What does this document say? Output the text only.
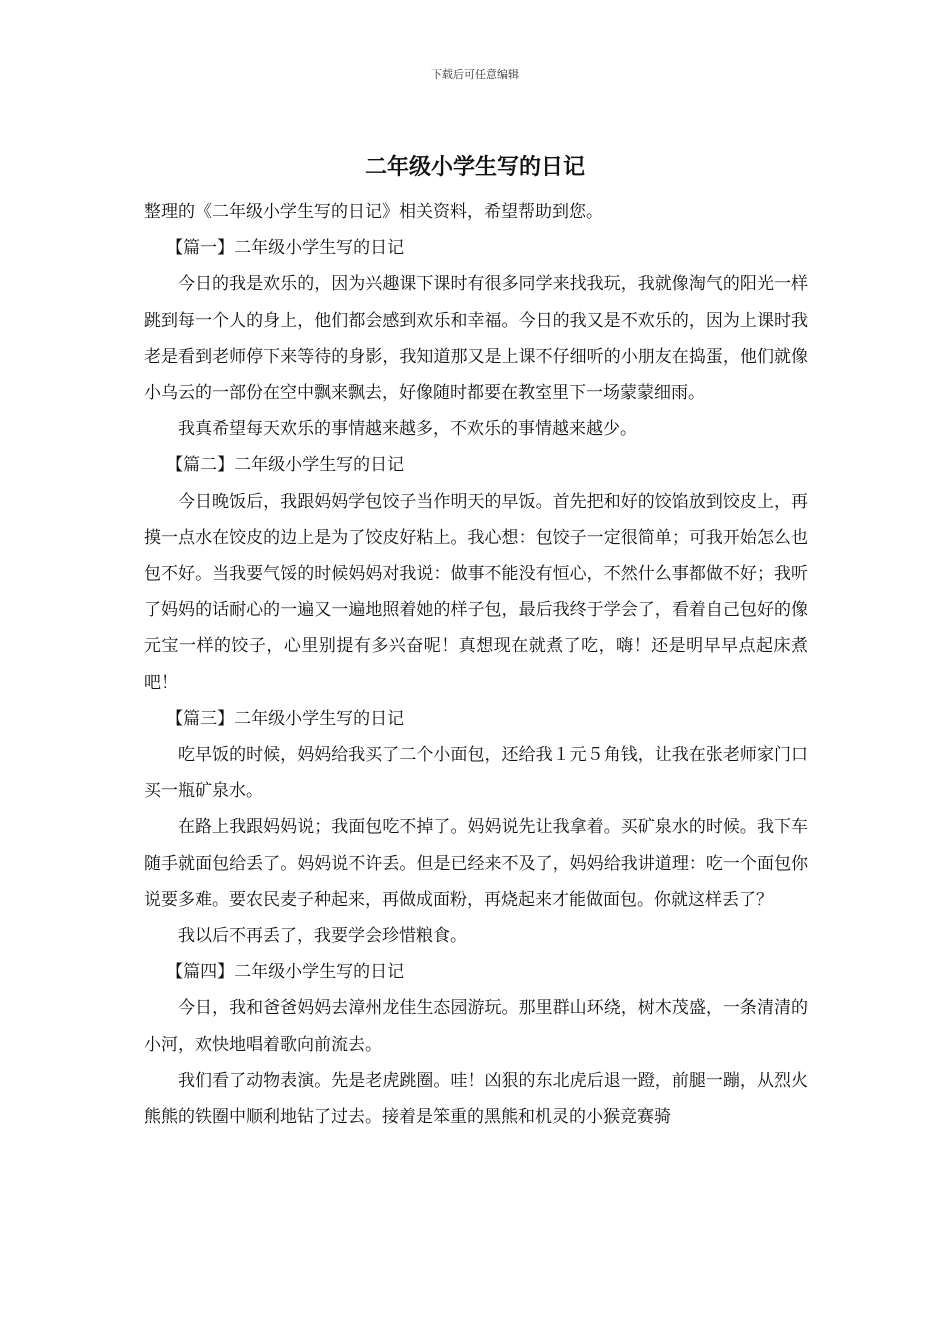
下载后可任意编辑
二年级小学生写的日记

整理的《二年级小学生写的日记》相关资料，希望帮助到您。

【篇一】二年级小学生写的日记

今日的我是欢乐的，因为兴趣课下课时有很多同学来找我玩，我就像淘气的阳光一样跳到每一个人的身上，他们都会感到欢乐和幸福。今日的我又是不欢乐的，因为上课时我老是看到老师停下来等待的身影，我知道那又是上课不仔细听的小朋友在捣蛋，他们就像小乌云的一部份在空中飘来飘去，好像随时都要在教室里下一场蒙蒙细雨。

我真希望每天欢乐的事情越来越多，不欢乐的事情越来越少。

【篇二】二年级小学生写的日记

今日晚饭后，我跟妈妈学包饺子当作明天的早饭。首先把和好的饺馅放到饺皮上，再摸一点水在饺皮的边上是为了饺皮好粘上。我心想：包饺子一定很简单；可我开始怎么也包不好。当我要气馁的时候妈妈对我说：做事不能没有恒心，不然什么事都做不好；我听了妈妈的话耐心的一遍又一遍地照着她的样子包，最后我终于学会了，看着自己包好的像元宝一样的饺子，心里别提有多兴奋呢！真想现在就煮了吃，嗨！还是明早早点起床煮吧！

【篇三】二年级小学生写的日记

吃早饭的时候，妈妈给我买了二个小面包，还给我１元５角钱，让我在张老师家门口买一瓶矿泉水。

在路上我跟妈妈说；我面包吃不掉了。妈妈说先让我拿着。买矿泉水的时候。我下车随手就面包给丢了。妈妈说不许丢。但是已经来不及了，妈妈给我讲道理：吃一个面包你说要多难。要农民麦子种起来，再做成面粉，再烧起来才能做面包。你就这样丢了？

我以后不再丢了，我要学会珍惜粮食。

【篇四】二年级小学生写的日记

今日，我和爸爸妈妈去漳州龙佳生态园游玩。那里群山环绕，树木茂盛，一条清清的小河，欢快地唱着歌向前流去。

我们看了动物表演。先是老虎跳圈。哇！凶狠的东北虎后退一蹬，前腿一蹦，从烈火熊熊的铁圈中顺利地钻了过去。接着是笨重的黑熊和机灵的小猴竞赛骑
